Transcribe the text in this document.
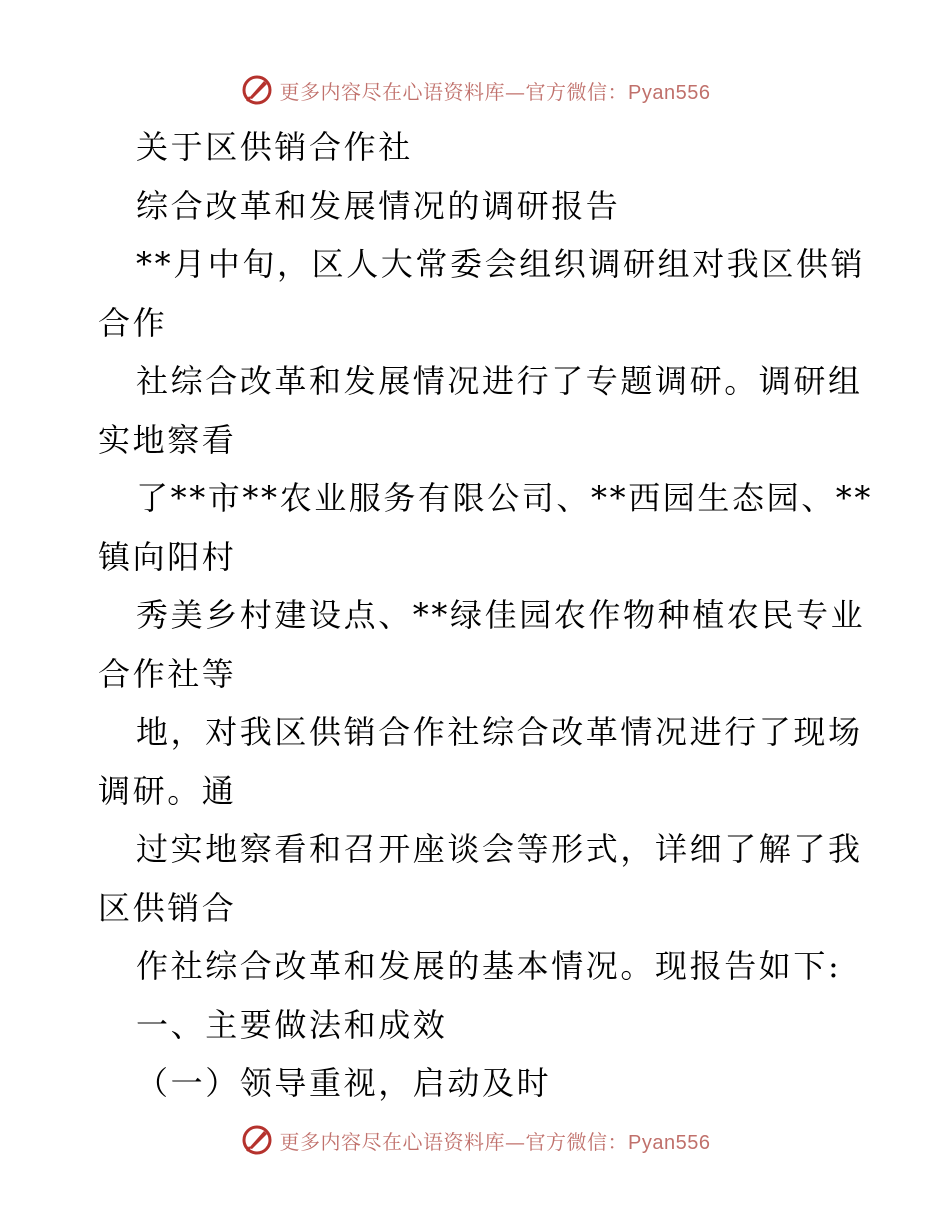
更多内容尽在心语资料库—官方微信：Pyan556
关于区供销合作社
综合改革和发展情况的调研报告
**月中旬，区人大常委会组织调研组对我区供销
合作
社综合改革和发展情况进行了专题调研。调研组
实地察看
了**市**农业服务有限公司、**西园生态园、**
镇向阳村
秀美乡村建设点、**绿佳园农作物种植农民专业
合作社等
地，对我区供销合作社综合改革情况进行了现场
调研。通
过实地察看和召开座谈会等形式，详细了解了我
区供销合
作社综合改革和发展的基本情况。现报告如下:
一、主要做法和成效
（一）领导重视，启动及时
更多内容尽在心语资料库—官方微信：Pyan556
